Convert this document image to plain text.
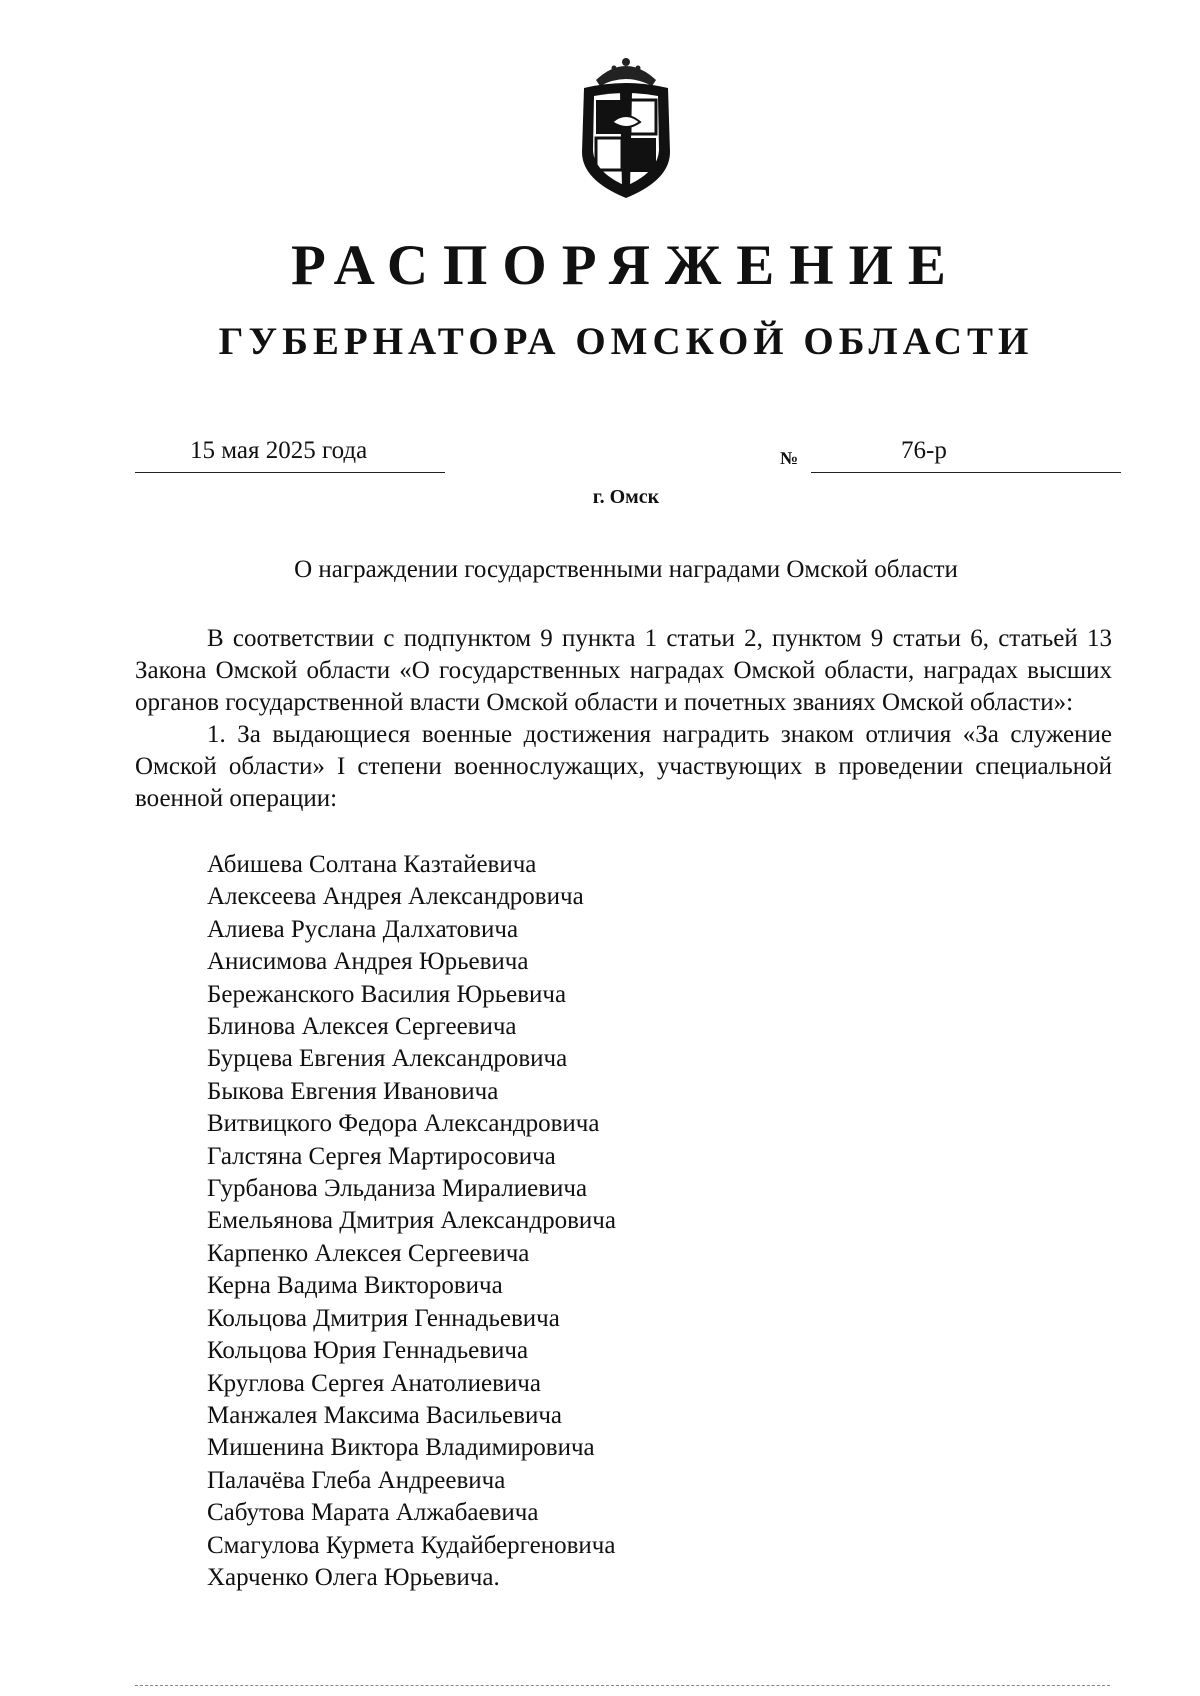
РАСПОРЯЖЕНИЕ
ГУБЕРНАТОРА ОМСКОЙ ОБЛАСТИ
15 мая 2025 года	№	76-р
г. Омск
О награждении государственными наградами Омской области

В соответствии с подпунктом 9 пункта 1 статьи 2, пунктом 9 статьи 6, статьей 13 Закона Омской области «О государственных наградах Омской области, наградах высших органов государственной власти Омской области и почетных званиях Омской области»:

1. За выдающиеся военные достижения наградить знаком отличия «За служение Омской области» I степени военнослужащих, участвующих в проведении специальной военной операции:

Абишева Солтана Казтайевича
Алексеева Андрея Александровича
Алиева Руслана Далхатовича
Анисимова Андрея Юрьевича
Бережанского Василия Юрьевича
Блинова Алексея Сергеевича
Бурцева Евгения Александровича
Быкова Евгения Ивановича
Витвицкого Федора Александровича
Галстяна Сергея Мартиросовича
Гурбанова Эльданиза Миралиевича
Емельянова Дмитрия Александровича
Карпенко Алексея Сергеевича
Керна Вадима Викторовича
Кольцова Дмитрия Геннадьевича
Кольцова Юрия Геннадьевича
Круглова Сергея Анатолиевича
Манжалея Максима Васильевича
Мишенина Виктора Владимировича
Палачёва Глеба Андреевича
Сабутова Марата Алжабаевича
Смагулова Курмета Кудайбергеновича
Харченко Олега Юрьевича.
